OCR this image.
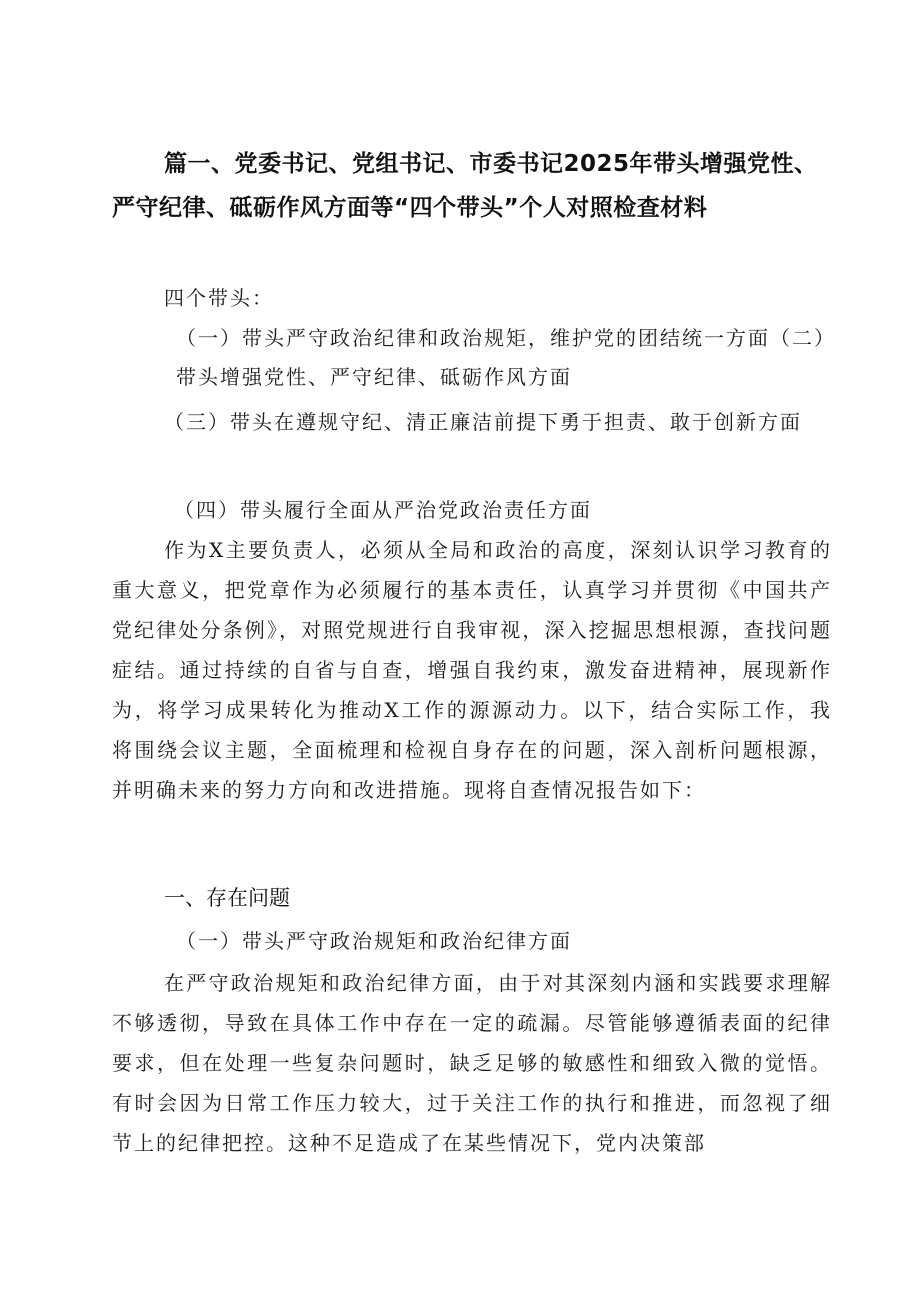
篇一、党委书记、党组书记、市委书记2025年带头增强党性、严守纪律、砥砺作风方面等“四个带头”个人对照检查材料
四个带头：
（一）带头严守政治纪律和政治规矩，维护党的团结统一方面（二）
带头增强党性、严守纪律、砥砺作风方面
（三）带头在遵规守纪、清正廉洁前提下勇于担责、敢于创新方面
（四）带头履行全面从严治党政治责任方面
作为X主要负责人，必须从全局和政治的高度，深刻认识学习教育的重大意义，把党章作为必须履行的基本责任，认真学习并贯彻《中国共产党纪律处分条例》，对照党规进行自我审视，深入挖掘思想根源，查找问题症结。通过持续的自省与自查，增强自我约束，激发奋进精神，展现新作为，将学习成果转化为推动X工作的源源动力。以下，结合实际工作，我将围绕会议主题，全面梳理和检视自身存在的问题，深入剖析问题根源，并明确未来的努力方向和改进措施。现将自查情况报告如下：
一、存在问题
（一）带头严守政治规矩和政治纪律方面
在严守政治规矩和政治纪律方面，由于对其深刻内涵和实践要求理解不够透彻，导致在具体工作中存在一定的疏漏。尽管能够遵循表面的纪律要求，但在处理一些复杂问题时，缺乏足够的敏感性和细致入微的觉悟。有时会因为日常工作压力较大，过于关注工作的执行和推进，而忽视了细节上的纪律把控。这种不足造成了在某些情况下，党内决策部
